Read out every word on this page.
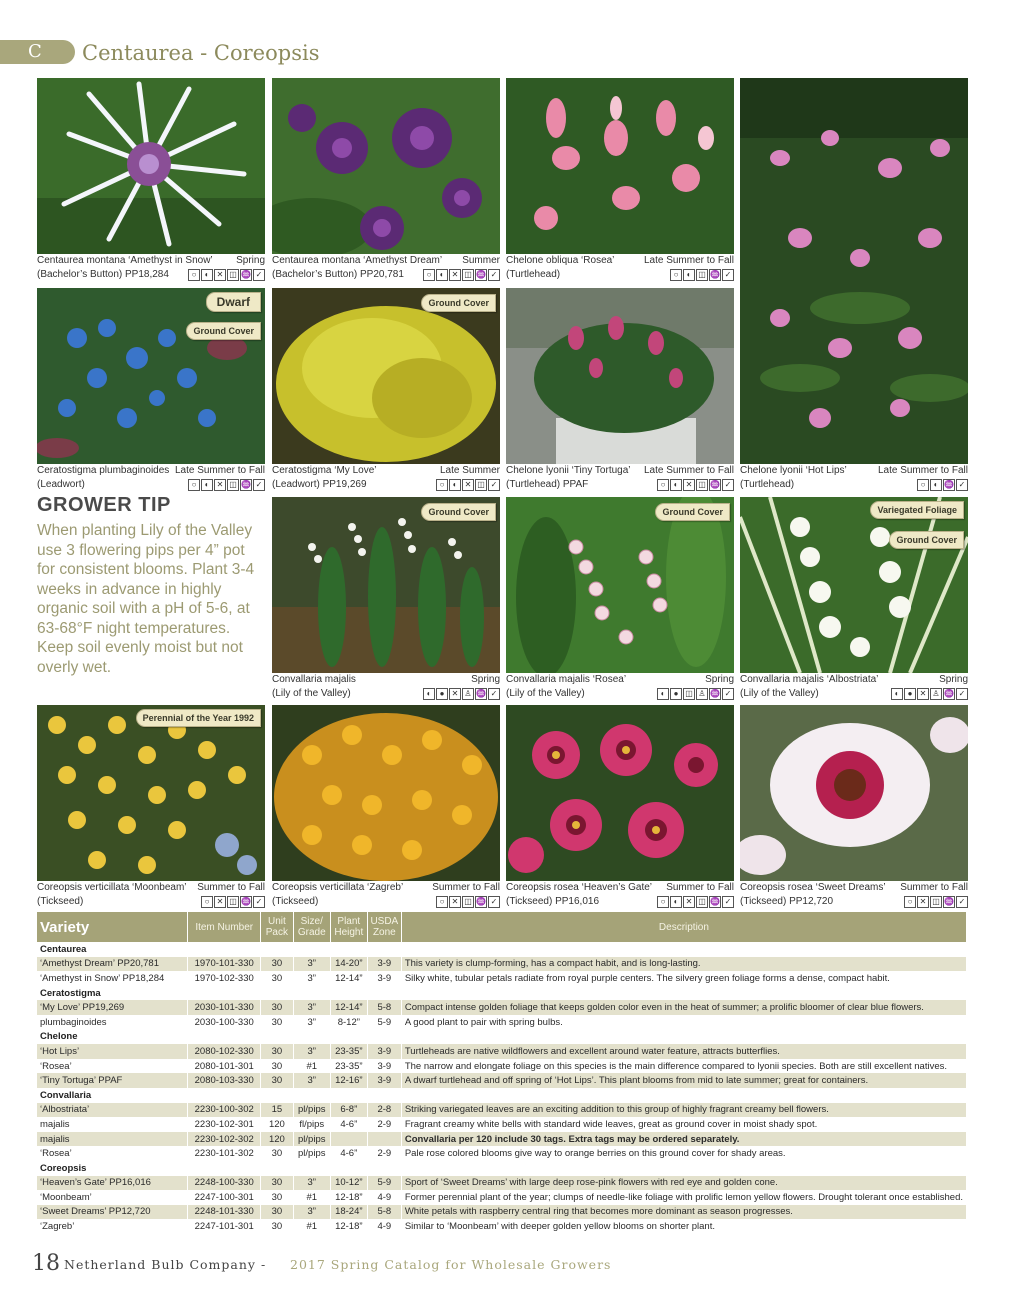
C	Centaurea - Coreopsis
Centaurea montana ‘Amethyst in Snow’ Spring
(Bachelor’s Button) PP18,284	○	◐ ✕ ◫ ♒ ✓
Centaurea montana ‘Amethyst Dream’ Summer
(Bachelor’s Button) PP20,781	○	◐ ✕ ◫ ♒ ✓
Chelone obliqua ‘Rosea’	Late Summer to Fall
(Turtlehead)	○	◐ ◫ ♒ ✓
Chelone lyonii ‘Hot Lips’	Late Summer to Fall
(Turtlehead)	○	◐ ♒ ✓
Dwarf
Ground Cover
Ceratostigma plumbaginoides Late Summer to Fall
(Leadwort)	○	◐ ✕ ◫ ♒ ✓
Ground Cover
Ceratostigma ‘My Love’	Late Summer
(Leadwort) PP19,269	○	◐ ✕ ◫ ✓
Chelone lyonii ‘Tiny Tortuga’ Late Summer to Fall
(Turtlehead) PPAF	○	◐ ✕ ◫ ♒ ✓
GROWER TIP

When planting Lily of the Valley use 3 flowering pips per 4” pot for consistent blooms. Plant 3-4 weeks in advance in highly organic soil with a pH of 5-6, at 63-68°F night temperatures. Keep soil evenly moist but not overly wet.

Ground Cover
Convallaria majalis	Spring
(Lily of the Valley)	◐	● ✕ ♙ ♒ ✓
Ground Cover
Convallaria majalis ‘Rosea’	Spring
(Lily of the Valley)	◐	● ◫ ♙ ♒ ✓
Variegated Foliage
Ground Cover
Convallaria majalis ‘Albostriata’	Spring
(Lily of the Valley)	◐	● ✕ ♙ ♒ ✓
Perennial of the Year 1992
Coreopsis verticillata ‘Moonbeam’ Summer to Fall
(Tickseed)	○ ✕ ◫ ♒ ✓
Coreopsis verticillata ‘Zagreb’	Summer to Fall
(Tickseed)	○ ✕ ◫ ♒ ✓
Coreopsis rosea ‘Heaven’s Gate’ Summer to Fall
(Tickseed) PP16,016	○	◐ ✕ ◫ ♒ ✓
Coreopsis rosea ‘Sweet Dreams’ Summer to Fall
(Tickseed) PP12,720	○ ✕ ◫ ♒ ✓
Variety	Item Number	Unit Pack	Size/ Grade	Plant Height	USDA Zone	Description
Centaurea						
‘Amethyst Dream’ PP20,781	1970-101-330	30	3”	14-20”	3-9	This variety is clump-forming, has a compact habit, and is long-lasting.
‘Amethyst in Snow’ PP18,284	1970-102-330	30	3”	12-14”	3-9	Silky white, tubular petals radiate from royal purple centers. The silvery green foliage forms a dense, compact habit.
Ceratostigma						
‘My Love’ PP19,269	2030-101-330	30	3”	12-14”	5-8	Compact intense golden foliage that keeps golden color even in the heat of summer; a prolific bloomer of clear blue flowers.
plumbaginoides	2030-100-330	30	3”	8-12”	5-9	A good plant to pair with spring bulbs.
Chelone						
‘Hot Lips’	2080-102-330	30	3”	23-35”	3-9	Turtleheads are native wildflowers and excellent around water feature, attracts butterflies.
‘Rosea’	2080-101-301	30	#1	23-35”	3-9	The narrow and elongate foliage on this species is the main difference compared to lyonii species. Both are still excellent natives.
‘Tiny Tortuga’ PPAF	2080-103-330	30	3”	12-16”	3-9	A dwarf turtlehead and off spring of ‘Hot Lips’. This plant blooms from mid to late summer; great for containers.
Convallaria						
‘Albostriata’	2230-100-302	15	pl/pips	6-8”	2-8	Striking variegated leaves are an exciting addition to this group of highly fragrant creamy bell flowers.
majalis	2230-102-301	120	fl/pips	4-6”	2-9	Fragrant creamy white bells with standard wide leaves, great as ground cover in moist shady spot.
majalis	2230-102-302	120	pl/pips			Convallaria per 120 include 30 tags. Extra tags may be ordered separately.
‘Rosea’	2230-101-302	30	pl/pips	4-6”	2-9	Pale rose colored blooms give way to orange berries on this ground cover for shady areas.
Coreopsis						
‘Heaven’s Gate’ PP16,016	2248-100-330	30	3”	10-12”	5-9	Sport of ‘Sweet Dreams’ with large deep rose-pink flowers with red eye and golden cone.
‘Moonbeam’	2247-100-301	30	#1	12-18”	4-9	Former perennial plant of the year; clumps of needle-like foliage with prolific lemon yellow flowers. Drought tolerant once established.
‘Sweet Dreams’ PP12,720	2248-101-330	30	3”	18-24”	5-8	White petals with raspberry central ring that becomes more dominant as season progresses.
‘Zagreb’	2247-101-301	30	#1	12-18”	4-9	Similar to ‘Moonbeam’ with deeper golden yellow blooms on shorter plant.
18 Netherland Bulb Company - 2017 Spring Catalog for Wholesale Growers
